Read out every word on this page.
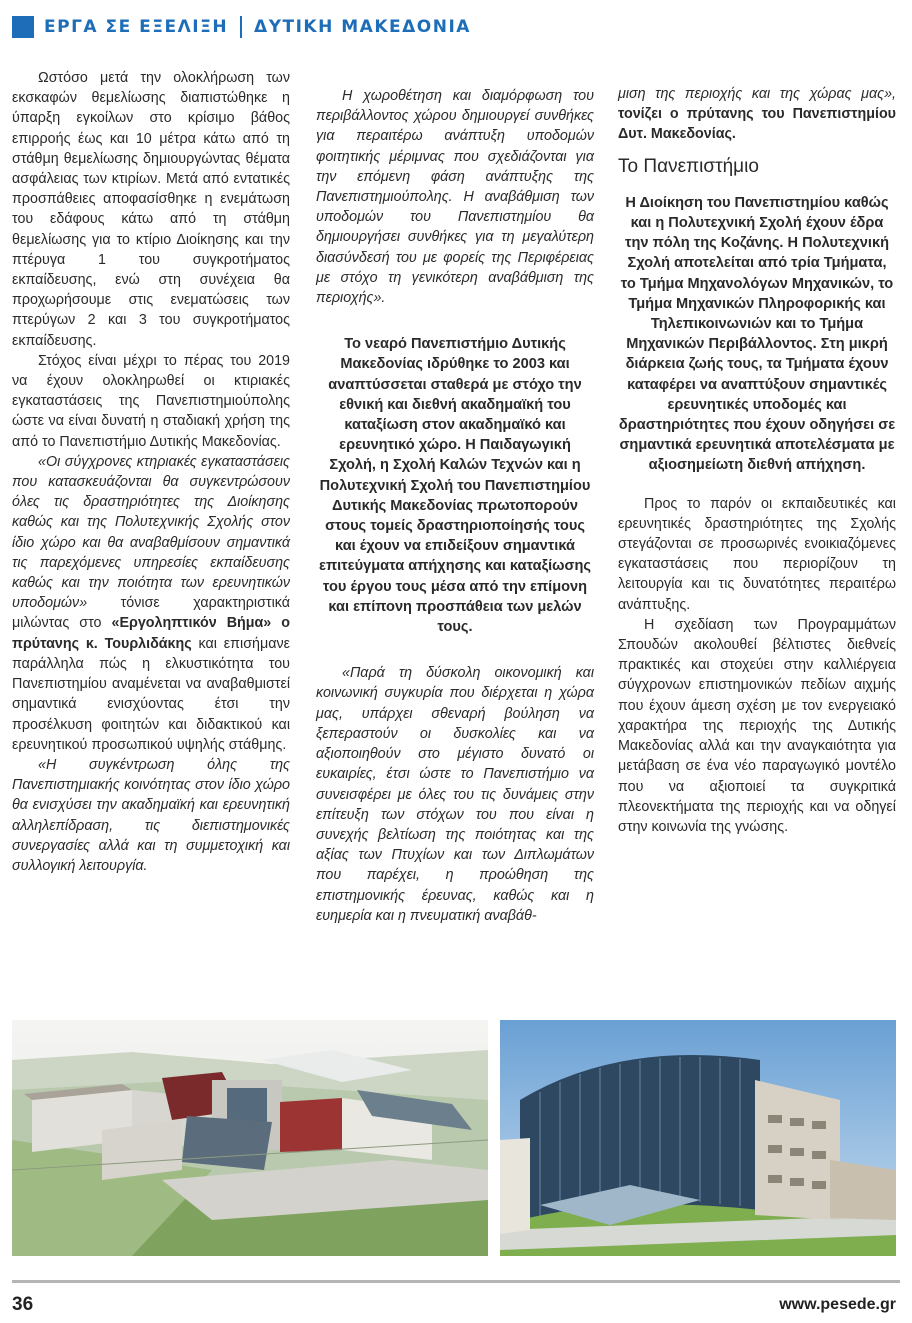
ΕΡΓΑ ΣΕ ΕΞΕΛΙΞΗ ΔΥΤΙΚΗ ΜΑΚΕΔΟΝΙΑ

Ωστόσο μετά την ολοκλήρωση των εκσκαφών θεμελίωσης διαπιστώθηκε η ύπαρξη εγκοίλων στο κρίσιμο βάθος επιρροής έως και 10 μέτρα κάτω από τη στάθμη θεμελίωσης δημιουργώντας θέματα ασφάλειας των κτιρίων. Μετά από εντατικές προσπάθειες αποφασίσθηκε η ενεμάτωση του εδάφους κάτω από τη στάθμη θεμελίωσης για το κτίριο Διοίκησης και την πτέρυγα 1 του συγκροτήματος εκπαίδευσης, ενώ στη συνέχεια θα προχωρήσουμε στις ενεματώσεις των πτερύγων 2 και 3 του συγκροτήματος εκπαίδευσης.

Στόχος είναι μέχρι το πέρας του 2019 να έχουν ολοκληρωθεί οι κτιριακές εγκαταστάσεις της Πανεπιστημιούπολης ώστε να είναι δυνατή η σταδιακή χρήση της από το Πανεπιστήμιο Δυτικής Μακεδονίας.

«Οι σύγχρονες κτηριακές εγκαταστάσεις που κατασκευάζονται θα συγκεντρώσουν όλες τις δραστηριότητες της Διοίκησης καθώς και της Πολυτεχνικής Σχολής στον ίδιο χώρο και θα αναβαθμίσουν σημαντικά τις παρεχόμενες υπηρεσίες εκπαίδευσης καθώς και την ποιότητα των ερευνητικών υποδομών» τόνισε χαρακτηριστικά μιλώντας στο «Εργοληπτικόν Βήμα» ο πρύτανης κ. Τουρλιδάκης και επισήμανε παράλληλα πώς η ελκυστικότητα του Πανεπιστημίου αναμένεται να αναβαθμιστεί σημαντικά ενισχύοντας έτσι την προσέλκυση φοιτητών και διδακτικού και ερευνητικού προσωπικού υψηλής στάθμης.

«Η συγκέντρωση όλης της Πανεπιστημιακής κοινότητας στον ίδιο χώρο θα ενισχύσει την ακαδημαϊκή και ερευνητική αλληλεπίδραση, τις διεπιστημονικές συνεργασίες αλλά και τη συμμετοχική και συλλογική λειτουργία.

Η χωροθέτηση και διαμόρφωση του περιβάλλοντος χώρου δημιουργεί συνθήκες για περαιτέρω ανάπτυξη υποδομών φοιτητικής μέριμνας που σχεδιάζονται για την επόμενη φάση ανάπτυξης της Πανεπιστημιούπολης. Η αναβάθμιση των υποδομών του Πανεπιστημίου θα δημιουργήσει συνθήκες για τη μεγαλύτερη διασύνδεσή του με φορείς της Περιφέρειας με στόχο τη γενικότερη αναβάθμιση της περιοχής».

Το νεαρό Πανεπιστήμιο Δυτικής Μακεδονίας ιδρύθηκε το 2003 και αναπτύσσεται σταθερά με στόχο την εθνική και διεθνή ακαδημαϊκή του καταξίωση στον ακαδημαϊκό και ερευνητικό χώρο. Η Παιδαγωγική Σχολή, η Σχολή Καλών Τεχνών και η Πολυτεχνική Σχολή του Πανεπιστημίου Δυτικής Μακεδονίας πρωτοπορούν στους τομείς δραστηριοποίησής τους και έχουν να επιδείξουν σημαντικά επιτεύγματα απήχησης και καταξίωσης του έργου τους μέσα από την επίμονη και επίπονη προσπάθεια των μελών τους.

«Παρά τη δύσκολη οικονομική και κοινωνική συγκυρία που διέρχεται η χώρα μας, υπάρχει σθεναρή βούληση να ξεπεραστούν οι δυσκολίες και να αξιοποιηθούν στο μέγιστο δυνατό οι ευκαιρίες, έτσι ώστε το Πανεπιστήμιο να συνεισφέρει με όλες του τις δυνάμεις στην επίτευξη των στόχων του που είναι η συνεχής βελτίωση της ποιότητας και της αξίας των Πτυχίων και των Διπλωμάτων που παρέχει, η προώθηση της επιστημονικής έρευνας, καθώς και η ευημερία και η πνευματική αναβάθ-

μιση της περιοχής και της χώρας μας», τονίζει ο πρύτανης του Πανεπιστημίου Δυτ. Μακεδονίας.

Το Πανεπιστήμιο

Η Διοίκηση του Πανεπιστημίου καθώς και η Πολυτεχνική Σχολή έχουν έδρα την πόλη της Κοζάνης. Η Πολυτεχνική Σχολή αποτελείται από τρία Τμήματα, το Τμήμα Μηχανολόγων Μηχανικών, το Τμήμα Μηχανικών Πληροφορικής και Τηλεπικοινωνιών και το Τμήμα Μηχανικών Περιβάλλοντος. Στη μικρή διάρκεια ζωής τους, τα Τμήματα έχουν καταφέρει να αναπτύξουν σημαντικές ερευνητικές υποδομές και δραστηριότητες που έχουν οδηγήσει σε σημαντικά ερευνητικά αποτελέσματα με αξιοσημείωτη διεθνή απήχηση.

Προς το παρόν οι εκπαιδευτικές και ερευνητικές δραστηριότητες της Σχολής στεγάζονται σε προσωρινές ενοικιαζόμενες εγκαταστάσεις που περιορίζουν τη λειτουργία και τις δυνατότητες περαιτέρω ανάπτυξης.

Η σχεδίαση των Προγραμμάτων Σπουδών ακολουθεί βέλτιστες διεθνείς πρακτικές και στοχεύει στην καλλιέργεια σύγχρονων επιστημονικών πεδίων αιχμής που έχουν άμεση σχέση με τον ενεργειακό χαρακτήρα της περιοχής της Δυτικής Μακεδονίας αλλά και την αναγκαιότητα για μετάβαση σε ένα νέο παραγωγικό μοντέλο που να αξιοποιεί τα συγκριτικά πλεονεκτήματα της περιοχής και να οδηγεί στην κοινωνία της γνώσης.

36	www.pesede.gr
